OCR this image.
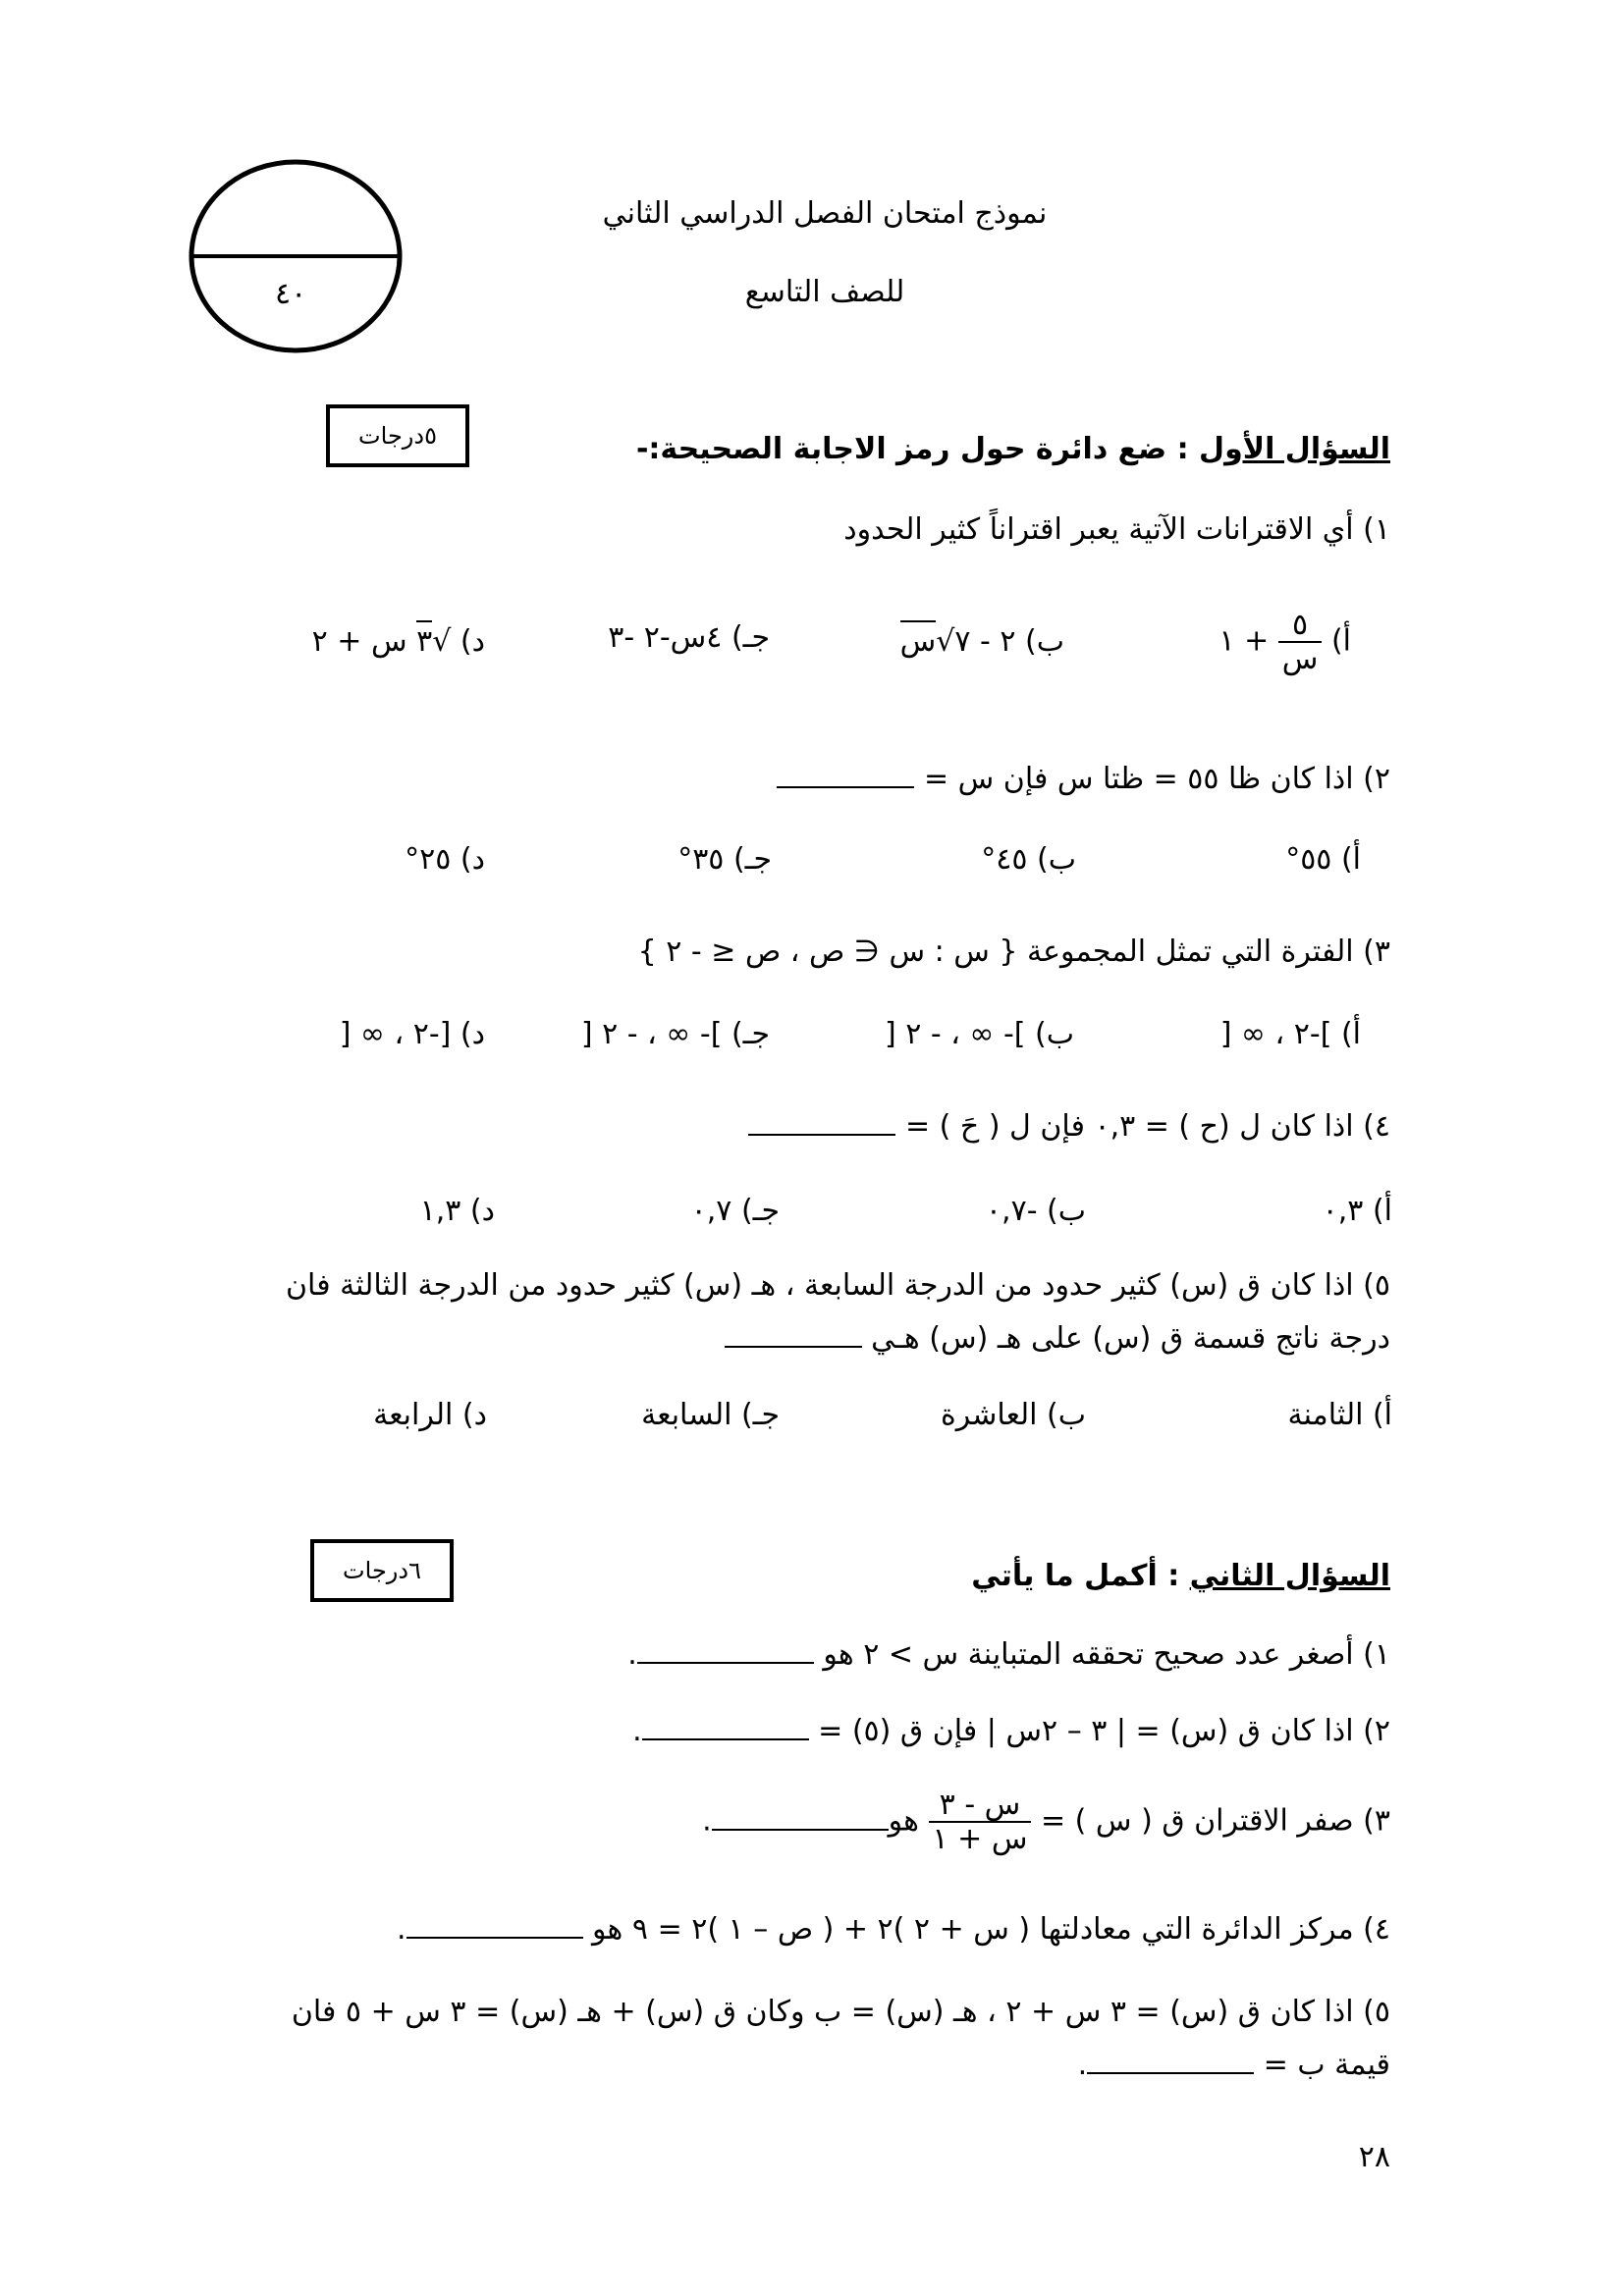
٤٠
نموذج امتحان الفصل الدراسي الثاني
للصف التاسع
٥درجات	السؤال الأول : ضع دائرة حول رمز الاجابة الصحيحة:-
١) أي الاقترانات الآتية يعبر اقتراناً كثير الحدود
أ)
$\frac{٥}{\text{س}}$
+ ١
ب) ٢ - ٧√س
جـ) ٤س-٢ -٣
د) √٣ س + ٢
٢) اذا كان ظا ٥٥ = ظتا س فإن س =
أ) ٥٥°
ب) ٤٥°
جـ) ٣٥°
د) ٢٥°
٣) الفترة التي تمثل المجموعة { س : س ∈ ص ، ص ≤ - ٢ }
أ) ]-٢ ، ∞ [
ب) ]- ∞ ، - ٢ [
جـ) ]- ∞ ، - ٢ [
د) [-٢ ، ∞ [
٤) اذا كان ل (ح ) = ٠,٣ فإن ل ( حَ ) =
أ) ٠,٣
ب) -٠,٧
جـ) ٠,٧
د) ١,٣
٥) اذا كان ق (س) كثير حدود من الدرجة السابعة ، هـ (س) كثير حدود من الدرجة الثالثة فان
درجة ناتج قسمة ق (س) على هـ (س) هـي
أ) الثامنة
ب) العاشرة
جـ) السابعة
د) الرابعة
٦درجات	السؤال الثاني : أكمل ما يأتي
١) أصغر عدد صحيح تحققه المتباينة س > ٢ هو .
٢) اذا كان ق (س) = | ٣ – ٢س | فإن ق (٥) = .
٣) صفر الاقتران ق ( س ) =
$\frac{\text{س - ٣}}{\text{س + ١}}$
هو.
٤) مركز الدائرة التي معادلتها ( س + ٢ )٢ + ( ص – ١ )٢ = ٩ هو .
٥) اذا كان ق (س) = ٣ س + ٢ ، هـ (س) = ب وكان ق (س) + هـ (س) = ٣ س + ٥ فان
قيمة ب = .
٢٨
